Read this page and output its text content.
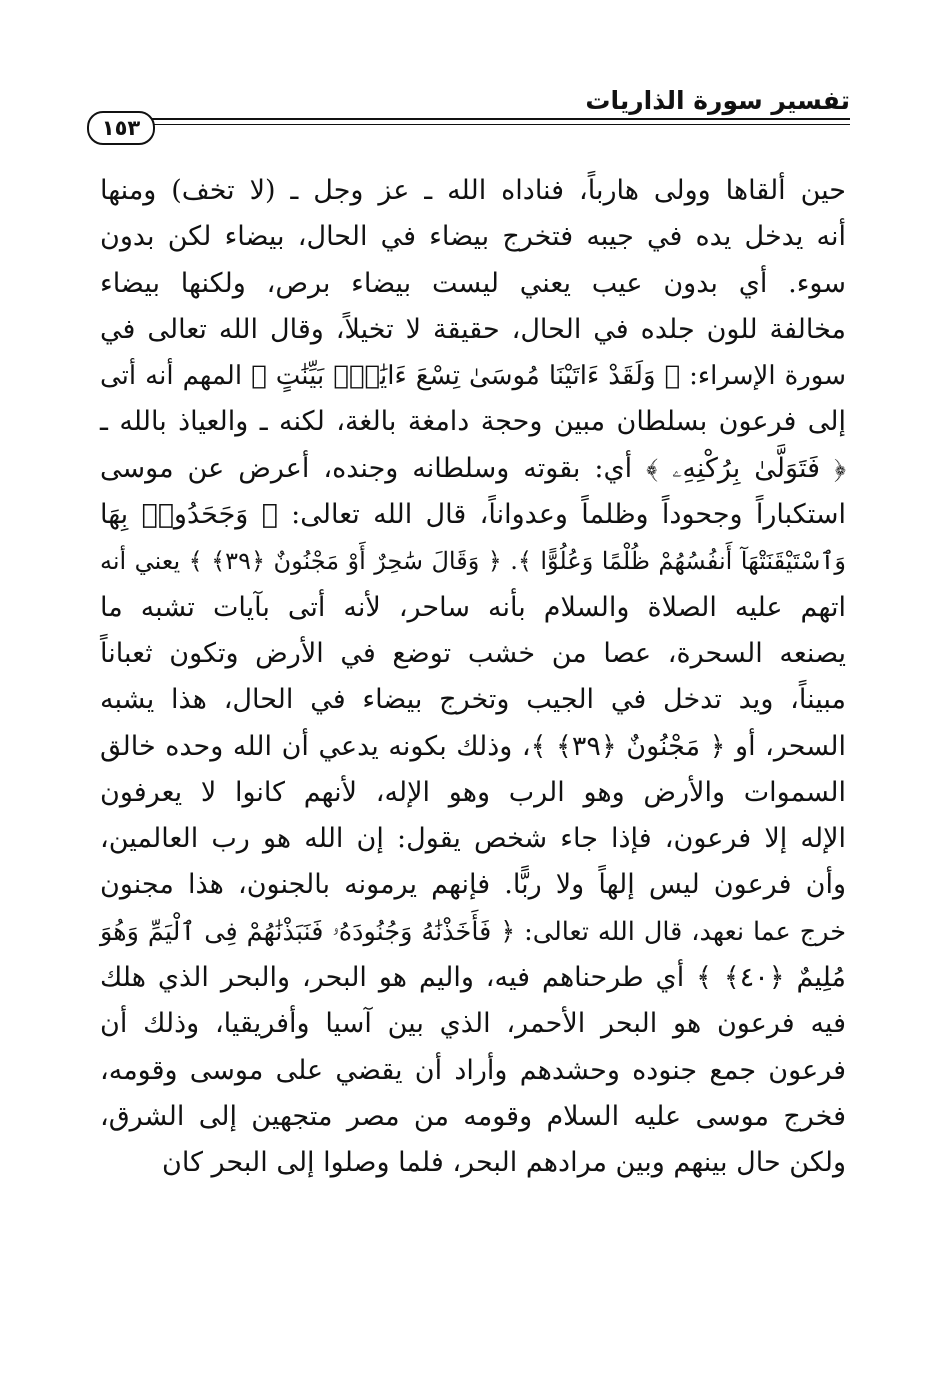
تفسير سورة الذاريات
١٥٣
حين ألقاها وولى هارباً، فناداه الله ـ عز وجل ـ (لا تخف) ومنها
أنه يدخل يده في جيبه فتخرج بيضاء في الحال، بيضاء لكن بدون
سوء. أي بدون عيب يعني ليست بيضاء برص، ولكنها بيضاء
مخالفة للون جلده في الحال، حقيقة لا تخيلاً، وقال الله تعالى في
سورة الإسراء: ﴿ وَلَقَدْ ءَاتَيْنَا مُوسَىٰ تِسْعَ ءَايَٰتٍۭ بَيِّنَٰتٍ ﴾ المهم أنه أتى
إلى فرعون بسلطان مبين وحجة دامغة بالغة، لكنه ـ والعياذ بالله ـ
﴿ فَتَوَلَّىٰ بِرُكْنِهِۦ ﴾ أي: بقوته وسلطانه وجنده، أعرض عن موسى
استكباراً وجحوداً وظلماً وعدواناً، قال الله تعالى: ﴿ وَجَحَدُوا۟ بِهَا
وَٱسْتَيْقَنَتْهَآ أَنفُسُهُمْ ظُلْمًا وَعُلُوًّا ﴾. ﴿ وَقَالَ سَٰحِرٌ أَوْ مَجْنُونٌ ﴿٣٩﴾ ﴾ يعني أنه
اتهم عليه الصلاة والسلام بأنه ساحر، لأنه أتى بآيات تشبه ما
يصنعه السحرة، عصا من خشب توضع في الأرض وتكون ثعباناً
مبيناً، ويد تدخل في الجيب وتخرج بيضاء في الحال، هذا يشبه
السحر، أو ﴿ مَجْنُونٌ ﴿٣٩﴾ ﴾، وذلك بكونه يدعي أن الله وحده خالق
السموات والأرض وهو الرب وهو الإله، لأنهم كانوا لا يعرفون
الإله إلا فرعون، فإذا جاء شخص يقول: إن الله هو رب العالمين،
وأن فرعون ليس إلهاً ولا ربًّا. فإنهم يرمونه بالجنون، هذا مجنون
خرج عما نعهد، قال الله تعالى: ﴿ فَأَخَذْنَٰهُ وَجُنُودَهُۥ فَنَبَذْنَٰهُمْ فِى ٱلْيَمِّ وَهُوَ
مُلِيمٌ ﴿٤٠﴾ ﴾ أي طرحناهم فيه، واليم هو البحر، والبحر الذي هلك
فيه فرعون هو البحر الأحمر، الذي بين آسيا وأفريقيا، وذلك أن
فرعون جمع جنوده وحشدهم وأراد أن يقضي على موسى وقومه،
فخرج موسى عليه السلام وقومه من مصر متجهين إلى الشرق،
ولكن حال بينهم وبين مرادهم البحر، فلما وصلوا إلى البحر كان
